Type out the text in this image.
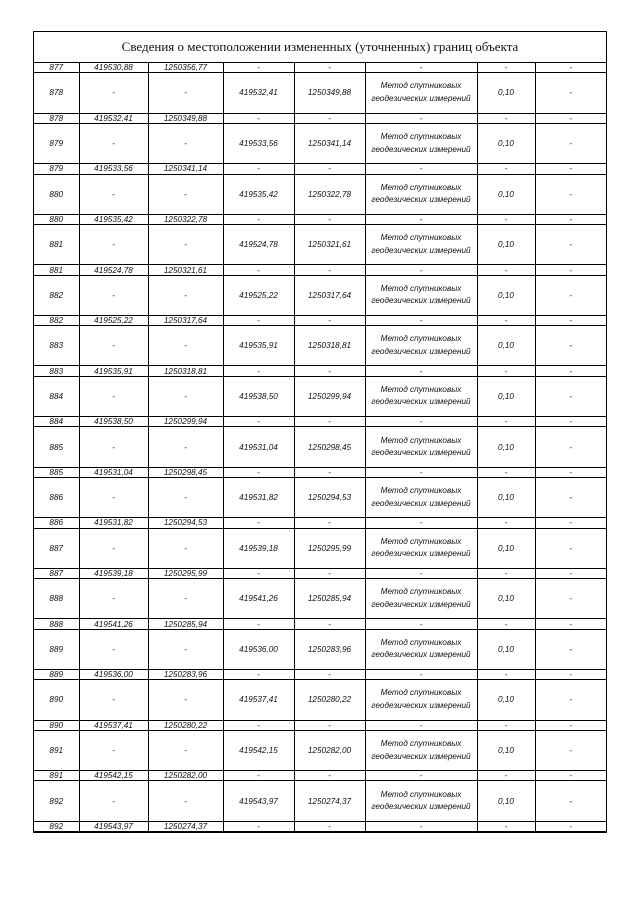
Сведения о местоположении измененных (уточненных) границ объекта
877	419530,88	1250356,77	-	-	-	-	-
878	-	-	419532,41	1250349,88	Метод спутниковых геодезических измерений	0,10	-
878	419532,41	1250349,88	-	-	-	-	-
879	-	-	419533,56	1250341,14	Метод спутниковых геодезических измерений	0,10	-
879	419533,56	1250341,14	-	-	-	-	-
880	-	-	419535,42	1250322,78	Метод спутниковых геодезических измерений	0,10	-
880	419535,42	1250322,78	-	-	-	-	-
881	-	-	419524,78	1250321,61	Метод спутниковых геодезических измерений	0,10	-
881	419524,78	1250321,61	-	-	-	-	-
882	-	-	419525,22	1250317,64	Метод спутниковых геодезических измерений	0,10	-
882	419525,22	1250317,64	-	-	-	-	-
883	-	-	419535,91	1250318,81	Метод спутниковых геодезических измерений	0,10	-
883	419535,91	1250318,81	-	-	-	-	-
884	-	-	419538,50	1250299,94	Метод спутниковых геодезических измерений	0,10	-
884	419538,50	1250299,94	-	-	-	-	-
885	-	-	419531,04	1250298,45	Метод спутниковых геодезических измерений	0,10	-
885	419531,04	1250298,45	-	-	-	-	-
886	-	-	419531,82	1250294,53	Метод спутниковых геодезических измерений	0,10	-
886	419531,82	1250294,53	-	-	-	-	-
887	-	-	419539,18	1250295,99	Метод спутниковых геодезических измерений	0,10	-
887	419539,18	1250295,99	-	-	-	-	-
888	-	-	419541,26	1250285,94	Метод спутниковых геодезических измерений	0,10	-
888	419541,26	1250285,94	-	-	-	-	-
889	-	-	419536,00	1250283,96	Метод спутниковых геодезических измерений	0,10	-
889	419536,00	1250283,96	-	-	-	-	-
890	-	-	419537,41	1250280,22	Метод спутниковых геодезических измерений	0,10	-
890	419537,41	1250280,22	-	-	-	-	-
891	-	-	419542,15	1250282,00	Метод спутниковых геодезических измерений	0,10	-
891	419542,15	1250282,00	-	-	-	-	-
892	-	-	419543,97	1250274,37	Метод спутниковых геодезических измерений	0,10	-
892	419543,97	1250274,37	-	-	-	-	-
